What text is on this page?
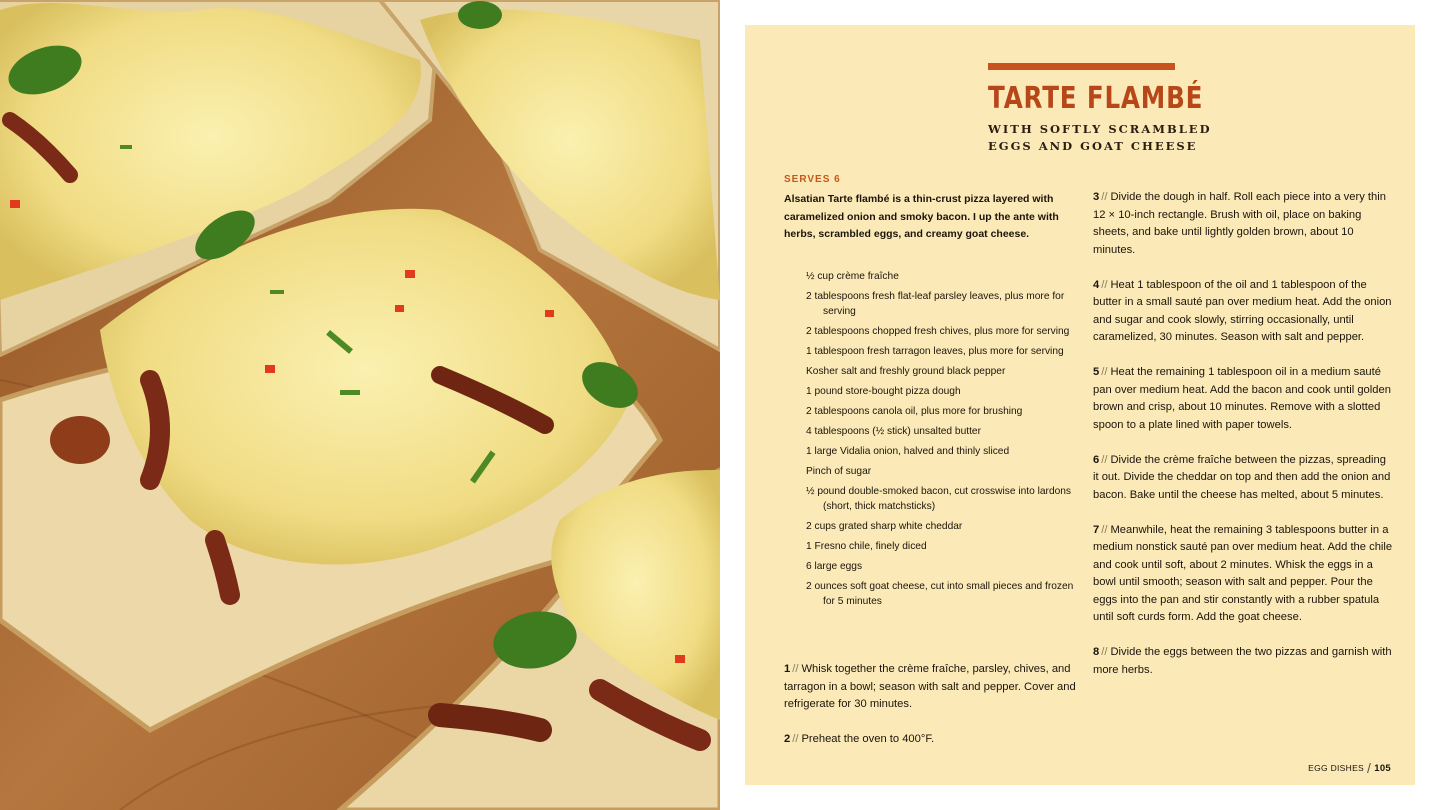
TARTE FLAMBÉ
WITH SOFTLY SCRAMBLED EGGS AND GOAT CHEESE
SERVES 6
Alsatian Tarte flambé is a thin-crust pizza layered with caramelized onion and smoky bacon. I up the ante with herbs, scrambled eggs, and creamy goat cheese.
½ cup crème fraîche
2 tablespoons fresh flat-leaf parsley leaves, plus more for serving
2 tablespoons chopped fresh chives, plus more for serving
1 tablespoon fresh tarragon leaves, plus more for serving
Kosher salt and freshly ground black pepper
1 pound store-bought pizza dough
2 tablespoons canola oil, plus more for brushing
4 tablespoons (½ stick) unsalted butter
1 large Vidalia onion, halved and thinly sliced
Pinch of sugar
½ pound double-smoked bacon, cut crosswise into lardons (short, thick matchsticks)
2 cups grated sharp white cheddar
1 Fresno chile, finely diced
6 large eggs
2 ounces soft goat cheese, cut into small pieces and frozen for 5 minutes

1 // Whisk together the crème fraîche, parsley, chives, and tarragon in a bowl; season with salt and pepper. Cover and refrigerate for 30 minutes.

2 // Preheat the oven to 400°F.

3 // Divide the dough in half. Roll each piece into a very thin 12 × 10-inch rectangle. Brush with oil, place on baking sheets, and bake until lightly golden brown, about 10 minutes.

4 // Heat 1 tablespoon of the oil and 1 tablespoon of the butter in a small sauté pan over medium heat. Add the onion and sugar and cook slowly, stirring occasionally, until caramelized, 30 minutes. Season with salt and pepper.

5 // Heat the remaining 1 tablespoon oil in a medium sauté pan over medium heat. Add the bacon and cook until golden brown and crisp, about 10 minutes. Remove with a slotted spoon to a plate lined with paper towels.

6 // Divide the crème fraîche between the pizzas, spreading it out. Divide the cheddar on top and then add the onion and bacon. Bake until the cheese has melted, about 5 minutes.

7 // Meanwhile, heat the remaining 3 tablespoons butter in a medium nonstick sauté pan over medium heat. Add the chile and cook until soft, about 2 minutes. Whisk the eggs in a bowl until smooth; season with salt and pepper. Pour the eggs into the pan and stir constantly with a rubber spatula until soft curds form. Add the goat cheese.

8 // Divide the eggs between the two pizzas and garnish with more herbs.

EGG DISHES / 105
